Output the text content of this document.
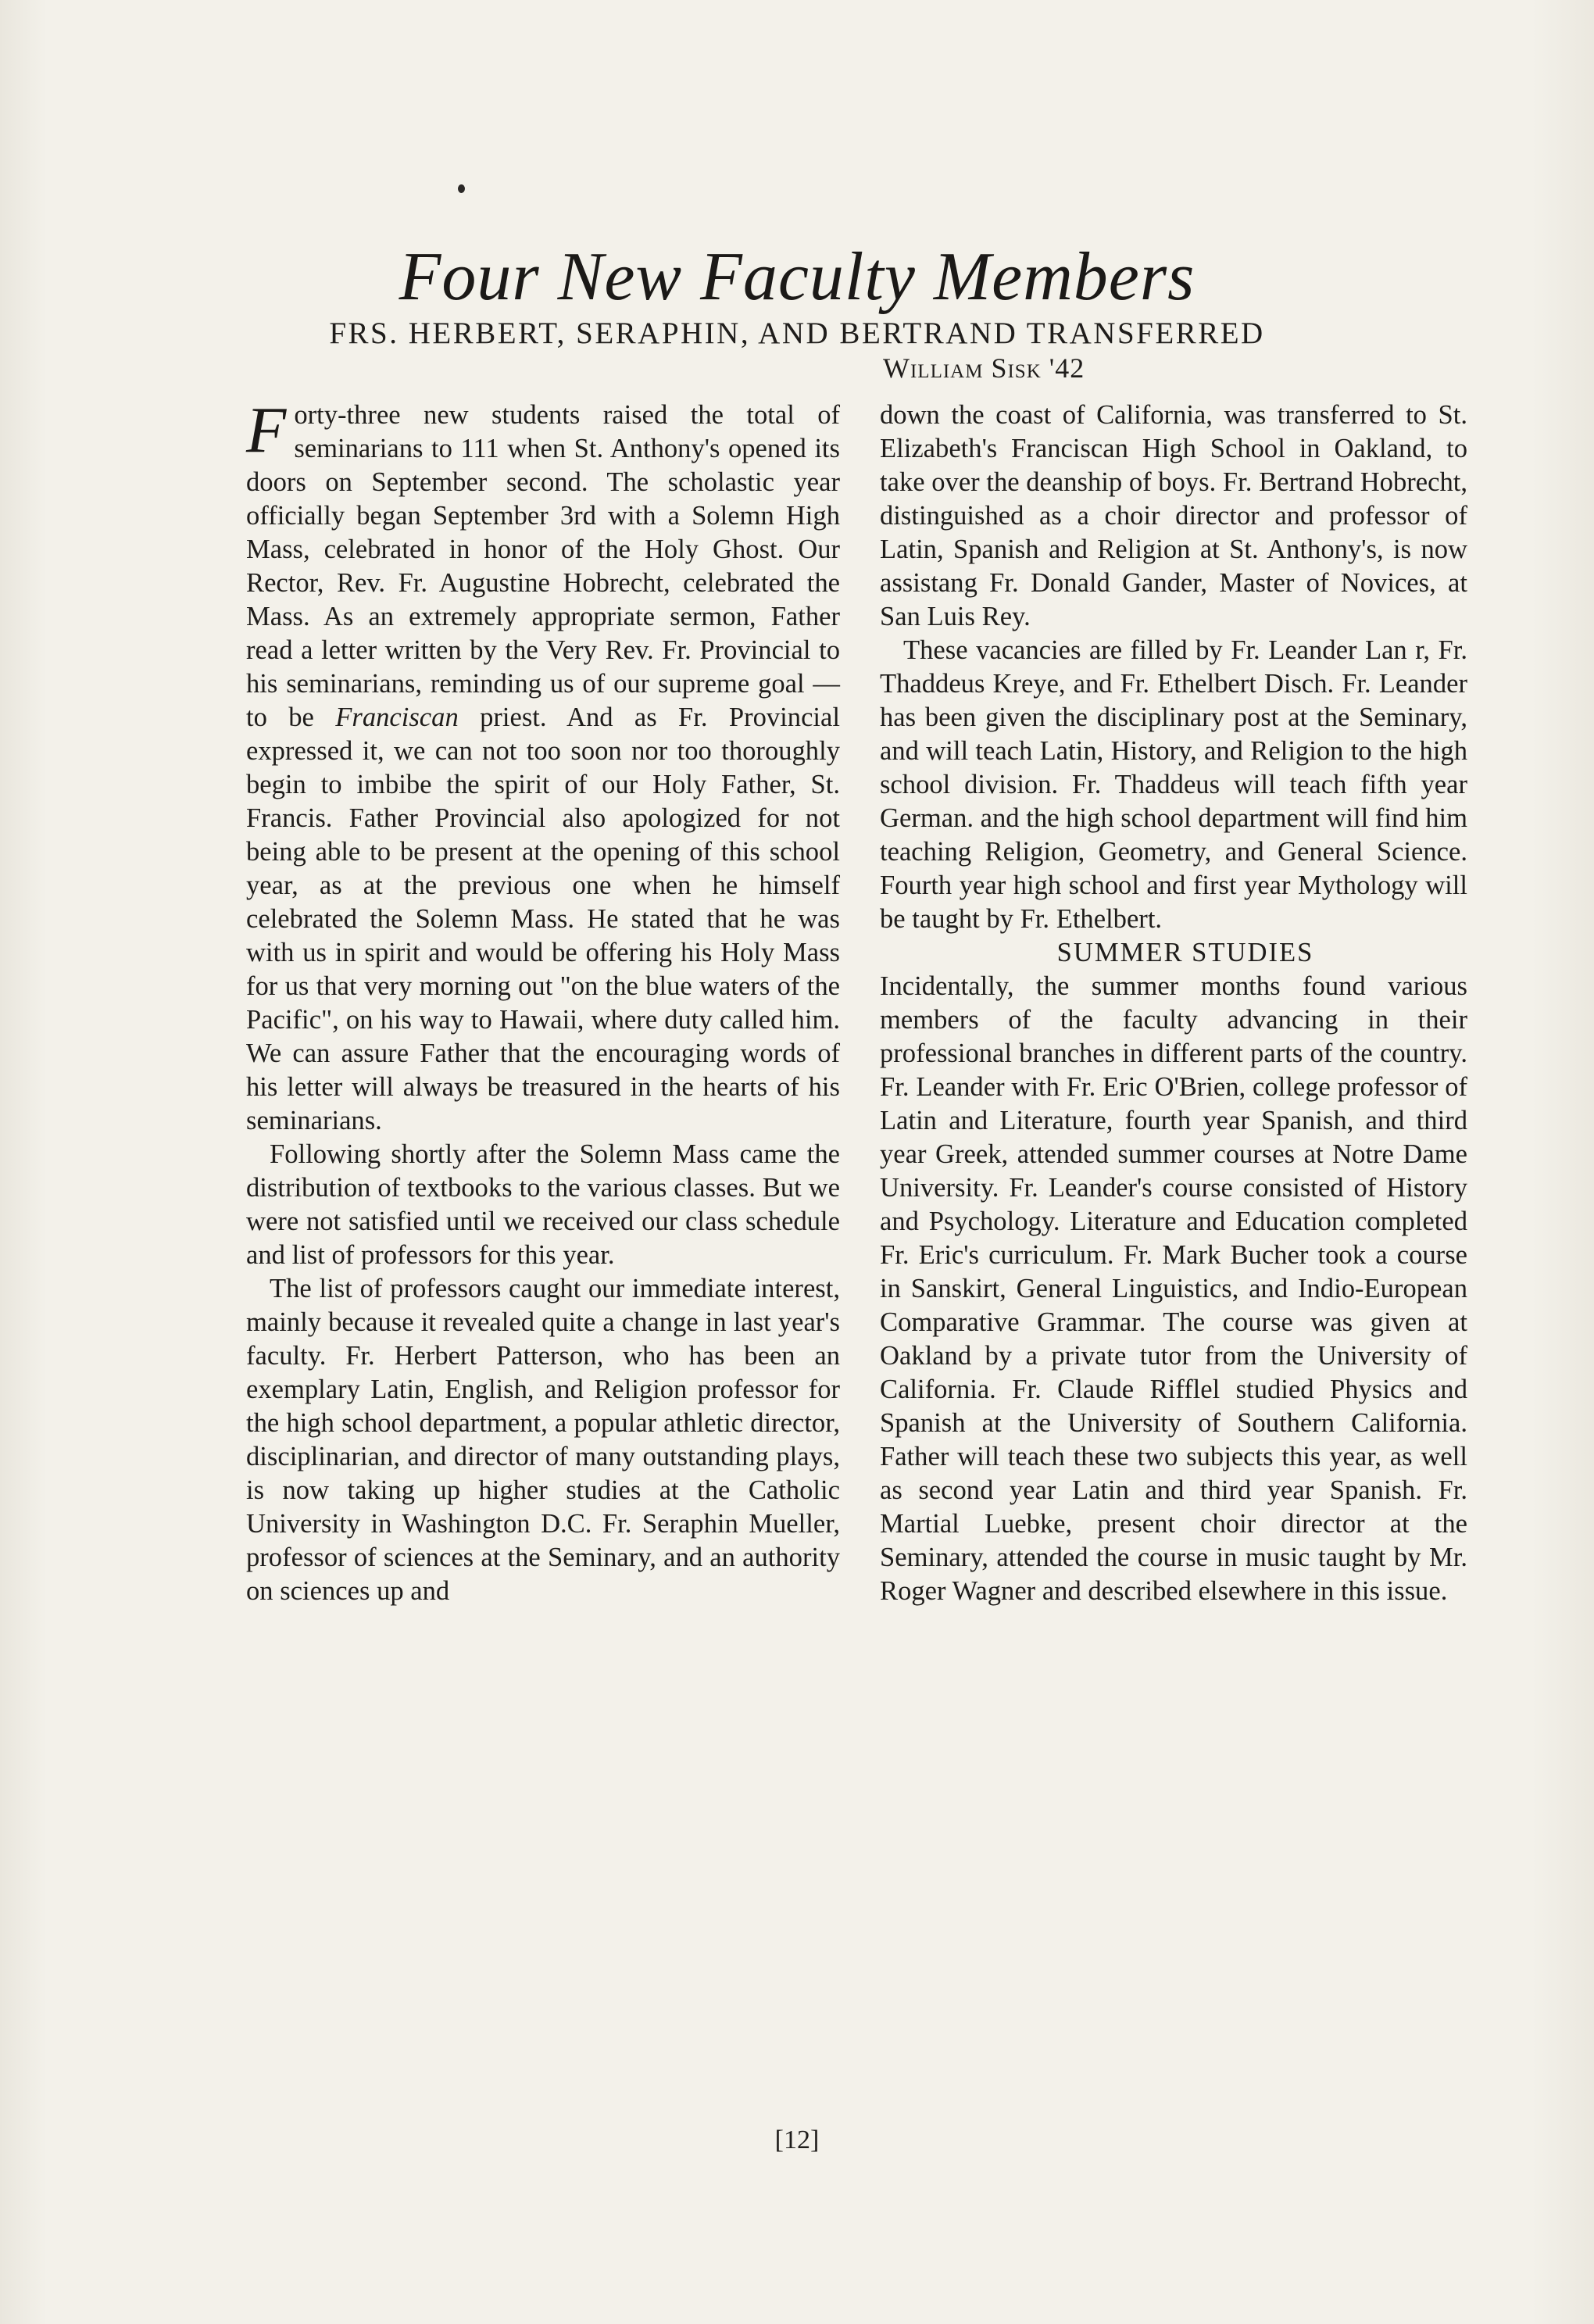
Four New Faculty Members

FRS. HERBERT, SERAPHIN, AND BERTRAND TRANSFERRED

William Sisk '42

Forty-three new students raised the total of seminarians to 111 when St. Anthony's opened its doors on September second. The scholastic year officially began September 3rd with a Solemn High Mass, celebrated in honor of the Holy Ghost. Our Rector, Rev. Fr. Augustine Hobrecht, celebrated the Mass. As an extremely appropriate sermon, Father read a letter written by the Very Rev. Fr. Provincial to his seminarians, reminding us of our supreme goal —to be Franciscan priest. And as Fr. Provincial expressed it, we can not too soon nor too thoroughly begin to imbibe the spirit of our Holy Father, St. Francis. Father Provincial also apologized for not being able to be present at the opening of this school year, as at the previous one when he himself celebrated the Solemn Mass. He stated that he was with us in spirit and would be offering his Holy Mass for us that very morning out "on the blue waters of the Pacific", on his way to Hawaii, where duty called him. We can assure Father that the encouraging words of his letter will always be treasured in the hearts of his seminarians.

Following shortly after the Solemn Mass came the distribution of textbooks to the various classes. But we were not satisfied until we received our class schedule and list of professors for this year.

The list of professors caught our immediate interest, mainly because it revealed quite a change in last year's faculty. Fr. Herbert Patterson, who has been an exemplary Latin, English, and Religion professor for the high school department, a popular athletic director, disciplinarian, and director of many outstanding plays, is now taking up higher studies at the Catholic University in Washington D.C. Fr. Seraphin Mueller, professor of sciences at the Seminary, and an authority on sciences up and

down the coast of California, was transferred to St. Elizabeth's Franciscan High School in Oakland, to take over the deanship of boys. Fr. Bertrand Hobrecht, distinguished as a choir director and professor of Latin, Spanish and Religion at St. Anthony's, is now assistang Fr. Donald Gander, Master of Novices, at San Luis Rey.

These vacancies are filled by Fr. Leander Lan r, Fr. Thaddeus Kreye, and Fr. Ethelbert Disch. Fr. Leander has been given the disciplinary post at the Seminary, and will teach Latin, History, and Religion to the high school division. Fr. Thaddeus will teach fifth year German. and the high school department will find him teaching Religion, Geometry, and General Science. Fourth year high school and first year Mythology will be taught by Fr. Ethelbert.

SUMMER STUDIES

Incidentally, the summer months found various members of the faculty advancing in their professional branches in different parts of the country. Fr. Leander with Fr. Eric O'Brien, college professor of Latin and Literature, fourth year Spanish, and third year Greek, attended summer courses at Notre Dame University. Fr. Leander's course consisted of History and Psychology. Literature and Education completed Fr. Eric's curriculum. Fr. Mark Bucher took a course in Sanskirt, General Linguistics, and Indio-European Comparative Grammar. The course was given at Oakland by a private tutor from the University of California. Fr. Claude Rifflel studied Physics and Spanish at the University of Southern California. Father will teach these two subjects this year, as well as second year Latin and third year Spanish. Fr. Martial Luebke, present choir director at the Seminary, attended the course in music taught by Mr. Roger Wagner and described elsewhere in this issue.

[12]
